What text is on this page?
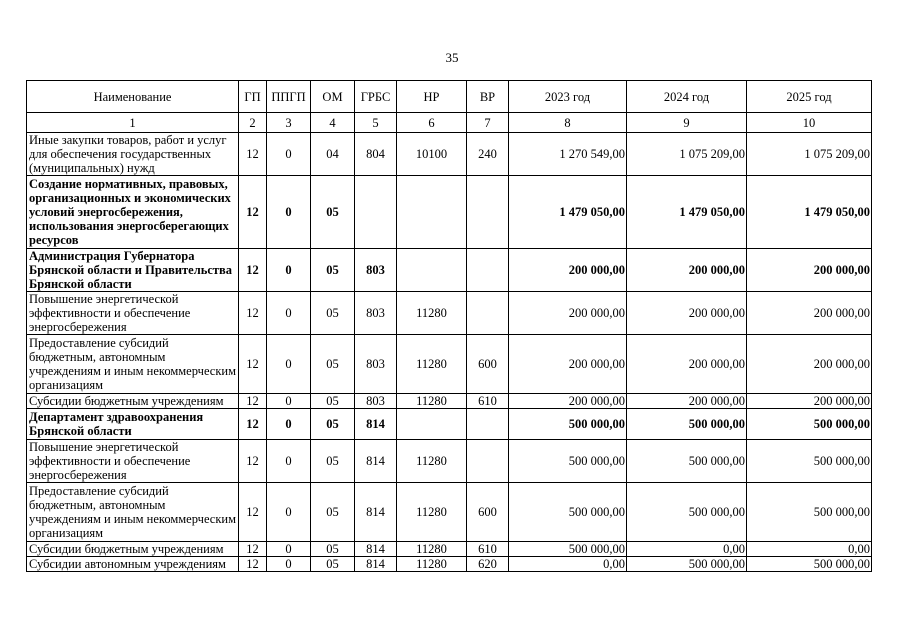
35
Наименование	ГП	ППГП	ОМ	ГРБС	НР	ВР	2023 год	2024 год	2025 год
1	2	3	4	5	6	7	8	9	10
Иные закупки товаров, работ и услуг для обеспечения государственных (муниципальных) нужд	12	0	04	804	10100	240	1 270 549,00	1 075 209,00	1 075 209,00
Создание нормативных, правовых, организационных и экономических условий энергосбережения, использования энергосберегающих ресурсов	12	0	05				1 479 050,00	1 479 050,00	1 479 050,00
Администрация Губернатора Брянской области и Правительства Брянской области	12	0	05	803			200 000,00	200 000,00	200 000,00
Повышение энергетической эффективности и обеспечение энергосбережения	12	0	05	803	11280		200 000,00	200 000,00	200 000,00
Предоставление субсидий бюджетным, автономным учреждениям и иным некоммерческим организациям	12	0	05	803	11280	600	200 000,00	200 000,00	200 000,00
Субсидии бюджетным учреждениям	12	0	05	803	11280	610	200 000,00	200 000,00	200 000,00
Департамент здравоохранения Брянской области	12	0	05	814			500 000,00	500 000,00	500 000,00
Повышение энергетической эффективности и обеспечение энергосбережения	12	0	05	814	11280		500 000,00	500 000,00	500 000,00
Предоставление субсидий бюджетным, автономным учреждениям и иным некоммерческим организациям	12	0	05	814	11280	600	500 000,00	500 000,00	500 000,00
Субсидии бюджетным учреждениям	12	0	05	814	11280	610	500 000,00	0,00	0,00
Субсидии автономным учреждениям	12	0	05	814	11280	620	0,00	500 000,00	500 000,00
